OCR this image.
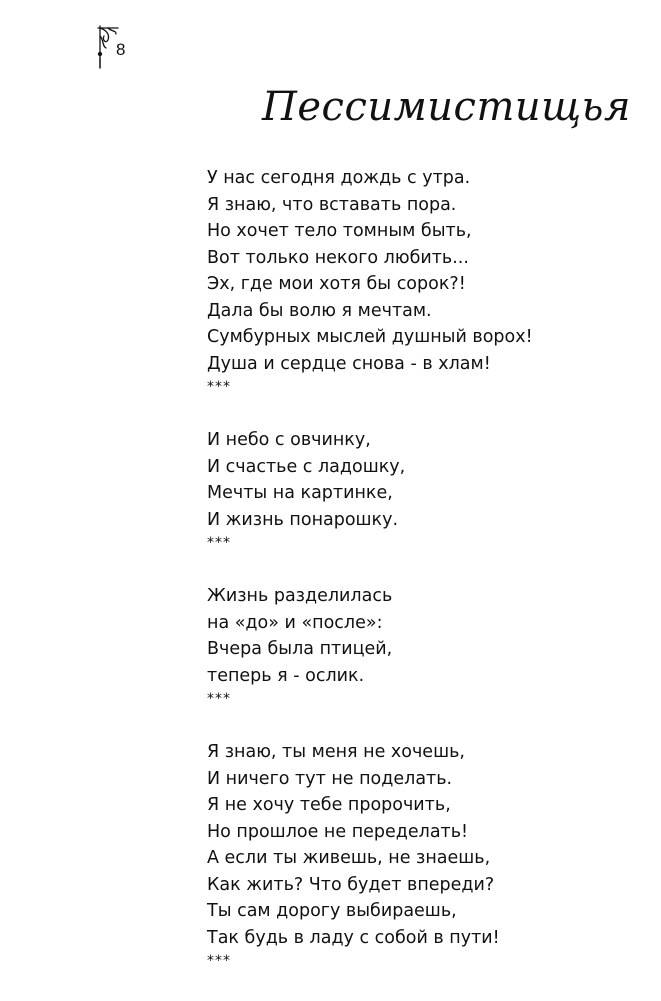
8
Пессимистищья
У нас сегодня дождь с утра.
Я знаю, что вставать пора.
Но хочет тело томным быть,
Вот только некого любить...
Эх, где мои хотя бы сорок?!
Дала бы волю я мечтам.
Сумбурных мыслей душный ворох!
Душа и сердце снова - в хлам!
***
И небо с овчинку,
И счастье с ладошку,
Мечты на картинке,
И жизнь понарошку.
***
Жизнь разделилась
на «до» и «после»:
Вчера была птицей,
теперь я - ослик.
***
Я знаю, ты меня не хочешь,
И ничего тут не поделать.
Я не хочу тебе пророчить,
Но прошлое не переделать!
А если ты живешь, не знаешь,
Как жить? Что будет впереди?
Ты сам дорогу выбираешь,
Так будь в ладу с собой в пути!
***
